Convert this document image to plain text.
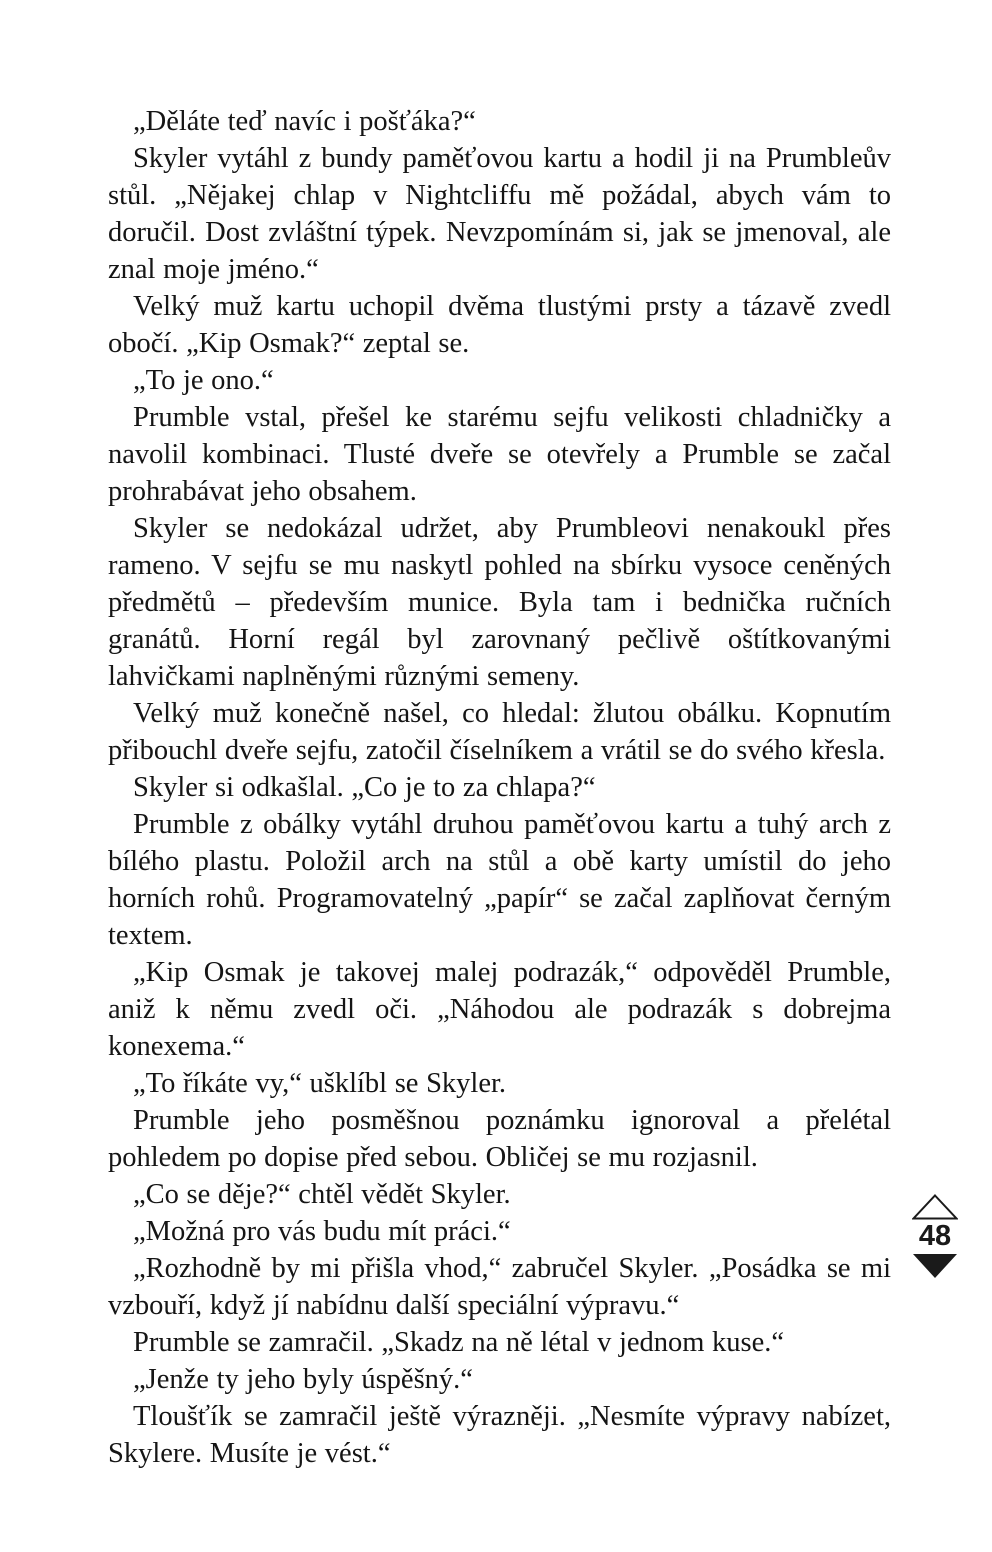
„Děláte teď navíc i pošťáka?“

Skyler vytáhl z bundy paměťovou kartu a hodil ji na Prumbleův stůl. „Nějakej chlap v Nightcliffu mě požádal, abych vám to doručil. Dost zvláštní týpek. Nevzpomínám si, jak se jmenoval, ale znal moje jméno.“

Velký muž kartu uchopil dvěma tlustými prsty a tázavě zvedl obočí. „Kip Osmak?“ zeptal se.

„To je ono.“

Prumble vstal, přešel ke starému sejfu velikosti chladničky a navolil kombinaci. Tlusté dveře se otevřely a Prumble se začal prohrabávat jeho obsahem.

Skyler se nedokázal udržet, aby Prumbleovi nenakoukl přes rameno. V sejfu se mu naskytl pohled na sbírku vysoce ceněných předmětů – především munice. Byla tam i bednička ručních granátů. Horní regál byl zarovnaný pečlivě oštítkovanými lahvičkami naplněnými různými semeny.

Velký muž konečně našel, co hledal: žlutou obálku. Kopnutím přibouchl dveře sejfu, zatočil číselníkem a vrátil se do svého křesla.

Skyler si odkašlal. „Co je to za chlapa?“

Prumble z obálky vytáhl druhou paměťovou kartu a tuhý arch z bílého plastu. Položil arch na stůl a obě karty umístil do jeho horních rohů. Programovatelný „papír“ se začal zaplňovat černým textem.

„Kip Osmak je takovej malej podrazák,“ odpověděl Prumble, aniž k němu zvedl oči. „Náhodou ale podrazák s dobrejma konexema.“

„To říkáte vy,“ ušklíbl se Skyler.

Prumble jeho posměšnou poznámku ignoroval a přelétal pohledem po dopise před sebou. Obličej se mu rozjasnil.

„Co se děje?“ chtěl vědět Skyler.

„Možná pro vás budu mít práci.“

„Rozhodně by mi přišla vhod,“ zabručel Skyler. „Posádka se mi vzbouří, když jí nabídnu další speciální výpravu.“

Prumble se zamračil. „Skadz na ně létal v jednom kuse.“

„Jenže ty jeho byly úspěšný.“

Tloušťík se zamračil ještě výrazněji. „Nesmíte výpravy nabízet, Skylere. Musíte je vést.“

48
